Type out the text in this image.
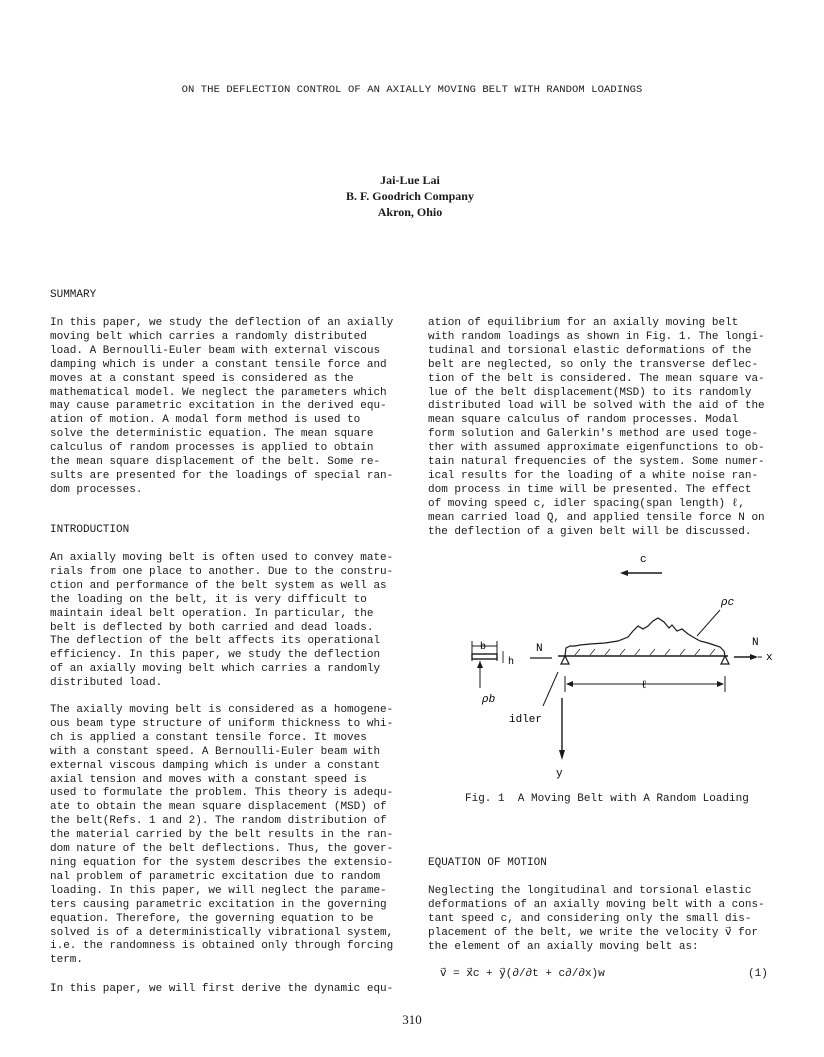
ON THE DEFLECTION CONTROL OF AN AXIALLY MOVING BELT WITH RANDOM LOADINGS
Jai-Lue Lai
B. F. Goodrich Company
Akron, Ohio
SUMMARY
In this paper, we study the deflection of an axially
moving belt which carries a randomly distributed
load. A Bernoulli-Euler beam with external viscous
damping which is under a constant tensile force and
moves at a constant speed is considered as the
mathematical model. We neglect the parameters which
may cause parametric excitation in the derived equ-
ation of motion. A modal form method is used to
solve the deterministic equation. The mean square
calculus of random processes is applied to obtain
the mean square displacement of the belt. Some re-
sults are presented for the loadings of special ran-
dom processes.
INTRODUCTION
An axially moving belt is often used to convey mate-
rials from one place to another. Due to the constru-
ction and performance of the belt system as well as
the loading on the belt, it is very difficult to
maintain ideal belt operation. In particular, the
belt is deflected by both carried and dead loads.
The deflection of the belt affects its operational
efficiency. In this paper, we study the deflection
of an axially moving belt which carries a randomly
distributed load.
The axially moving belt is considered as a homogene-
ous beam type structure of uniform thickness to whi-
ch is applied a constant tensile force. It moves
with a constant speed. A Bernoulli-Euler beam with
external viscous damping which is under a constant
axial tension and moves with a constant speed is
used to formulate the problem. This theory is adequ-
ate to obtain the mean square displacement (MSD) of
the belt(Refs. 1 and 2). The random distribution of
the material carried by the belt results in the ran-
dom nature of the belt deflections. Thus, the gover-
ning equation for the system describes the extensio-
nal problem of parametric excitation due to random
loading. In this paper, we will neglect the parame-
ters causing parametric excitation in the governing
equation. Therefore, the governing equation to be
solved is of a deterministically vibrational system,
i.e. the randomness is obtained only through forcing
term.
In this paper, we will first derive the dynamic equ-
ation of equilibrium for an axially moving belt
with random loadings as shown in Fig. 1. The longi-
tudinal and torsional elastic deformations of the
belt are neglected, so only the transverse deflec-
tion of the belt is considered. The mean square va-
lue of the belt displacement(MSD) to its randomly
distributed load will be solved with the aid of the
mean square calculus of random processes. Modal
form solution and Galerkin's method are used toge-
ther with assumed approximate eigenfunctions to ob-
tain natural frequencies of the system. Some numer-
ical results for the loading of a white noise ran-
dom process in time will be presented. The effect
of moving speed c, idler spacing(span length) ℓ,
mean carried load Q, and applied tensile force N on
the deflection of a given belt will be discussed.
c
ρc
N	N
x
b
h
ρb
idler
ℓ
y
Fig. 1  A Moving Belt with A Random Loading
EQUATION OF MOTION
Neglecting the longitudinal and torsional elastic
deformations of an axially moving belt with a cons-
tant speed c, and considering only the small dis-
placement of the belt, we write the velocity v⃗ for
the element of an axially moving belt as:
v⃗ = x⃗c + y⃗(∂/∂t + c∂/∂x)w	(1)
310
